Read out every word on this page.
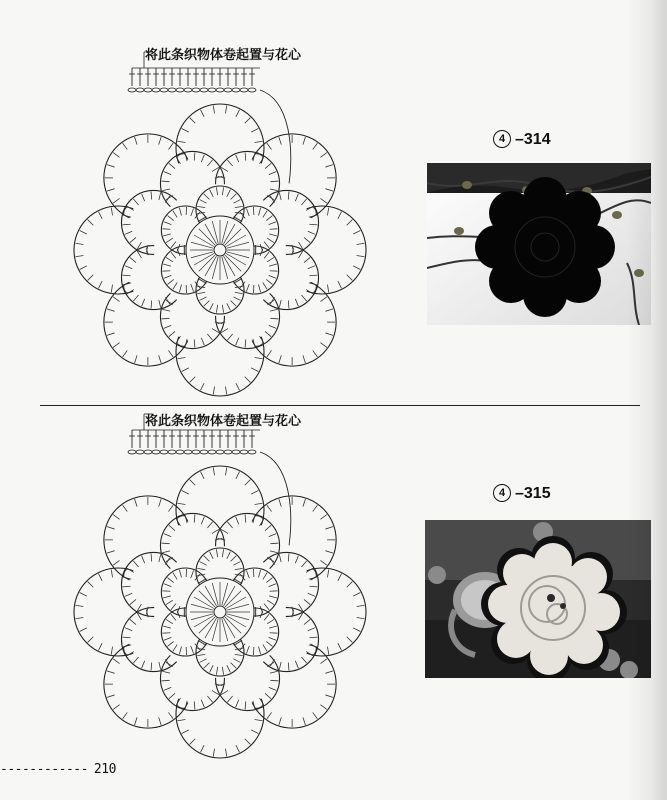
将此条织物体卷起置与花心
4 –314
将此条织物体卷起置与花心
4 –315
------------ 210
